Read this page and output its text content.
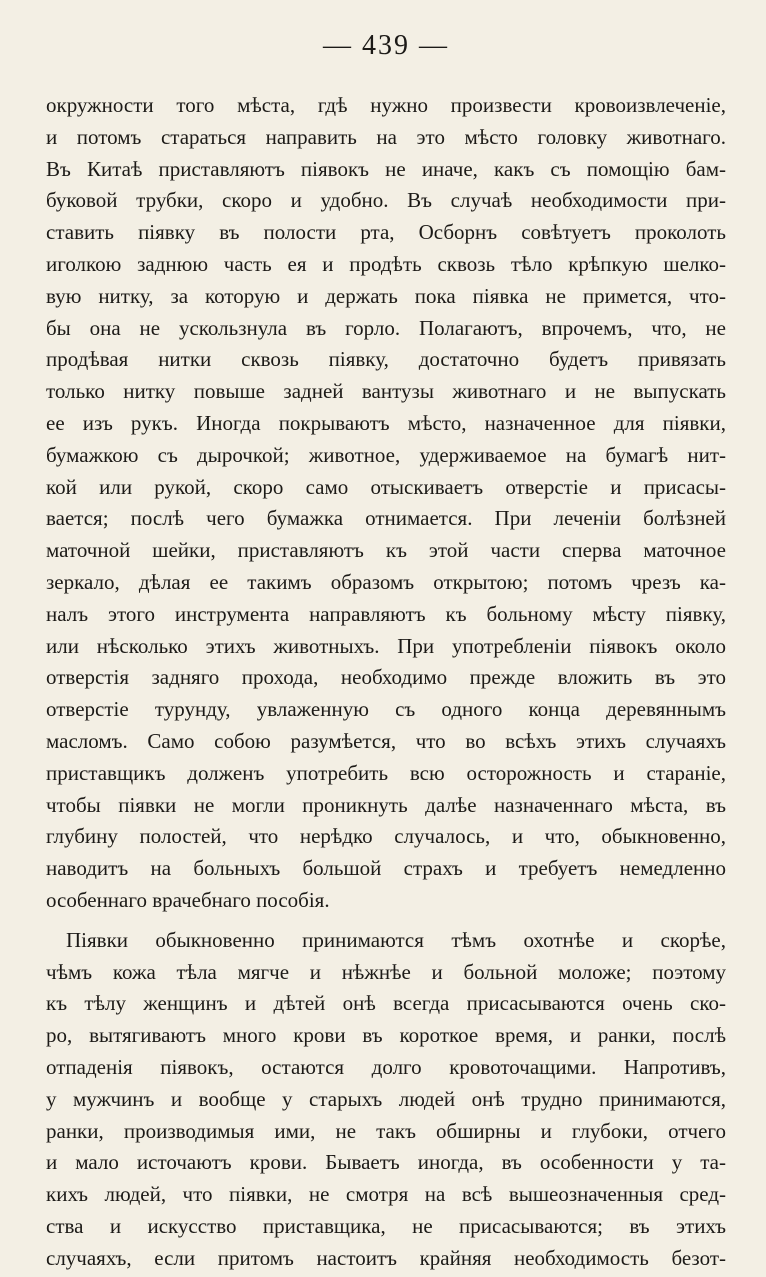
— 439 —

окружности того мѣста, гдѣ нужно произвести кровоизвлеченiе,
и потомъ стараться направить на это мѣсто головку животнаго.
Въ Китаѣ приставляютъ пiявокъ не иначе, какъ съ помощiю бам-
буковой трубки, скоро и удобно. Въ случаѣ необходимости при-
ставить пiявку въ полости рта, Осборнъ совѣтуетъ проколоть
иголкою заднюю часть ея и продѣть сквозь тѣло крѣпкую шелко-
вую нитку, за которую и держать пока пiявка не примется, что-
бы она не ускользнула въ горло. Полагаютъ, впрочемъ, что, не
продѣвая нитки сквозь пiявку, достаточно будетъ привязать
только нитку повыше задней вантузы животнаго и не выпускать
ее изъ рукъ. Иногда покрываютъ мѣсто, назначенное для пiявки,
бумажкою съ дырочкой; животное, удерживаемое на бумагѣ нит-
кой или рукой, скоро само отыскиваетъ отверстiе и присасы-
вается; послѣ чего бумажка отнимается. При леченiи болѣзней
маточной шейки, приставляютъ къ этой части сперва маточное
зеркало, дѣлая ее такимъ образомъ открытою; потомъ чрезъ ка-
налъ этого инструмента направляютъ къ больному мѣсту пiявку,
или нѣсколько этихъ животныхъ. При употребленiи пiявокъ около
отверстiя задняго прохода, необходимо прежде вложить въ это
отверстiе турунду, увлаженную съ одного конца деревяннымъ
масломъ. Само собою разумѣется, что во всѣхъ этихъ случаяхъ
приставщикъ долженъ употребить всю осторожность и старанiе,
чтобы пiявки не могли проникнуть далѣе назначеннаго мѣста, въ
глубину полостей, что нерѣдко случалось, и что, обыкновенно,
наводитъ на больныхъ большой страхъ и требуетъ немедленно
особеннаго врачебнаго пособiя.

Пiявки обыкновенно принимаются тѣмъ охотнѣе и скорѣе,
чѣмъ кожа тѣла мягче и нѣжнѣе и больной моложе; поэтому
къ тѣлу женщинъ и дѣтей онѣ всегда присасываются очень ско-
ро, вытягиваютъ много крови въ короткое время, и ранки, послѣ
отпаденiя пiявокъ, остаются долго кровоточащими. Напротивъ,
у мужчинъ и вообще у старыхъ людей онѣ трудно принимаются,
ранки, производимыя ими, не такъ обширны и глубоки, отчего
и мало источаютъ крови. Бываетъ иногда, въ особенности у та-
кихъ людей, что пiявки, не смотря на всѣ вышеозначенныя сред-
ства и искусство приставщика, не присасываются; въ этихъ
случаяхъ, если притомъ настоитъ крайняя необходимость безот-
